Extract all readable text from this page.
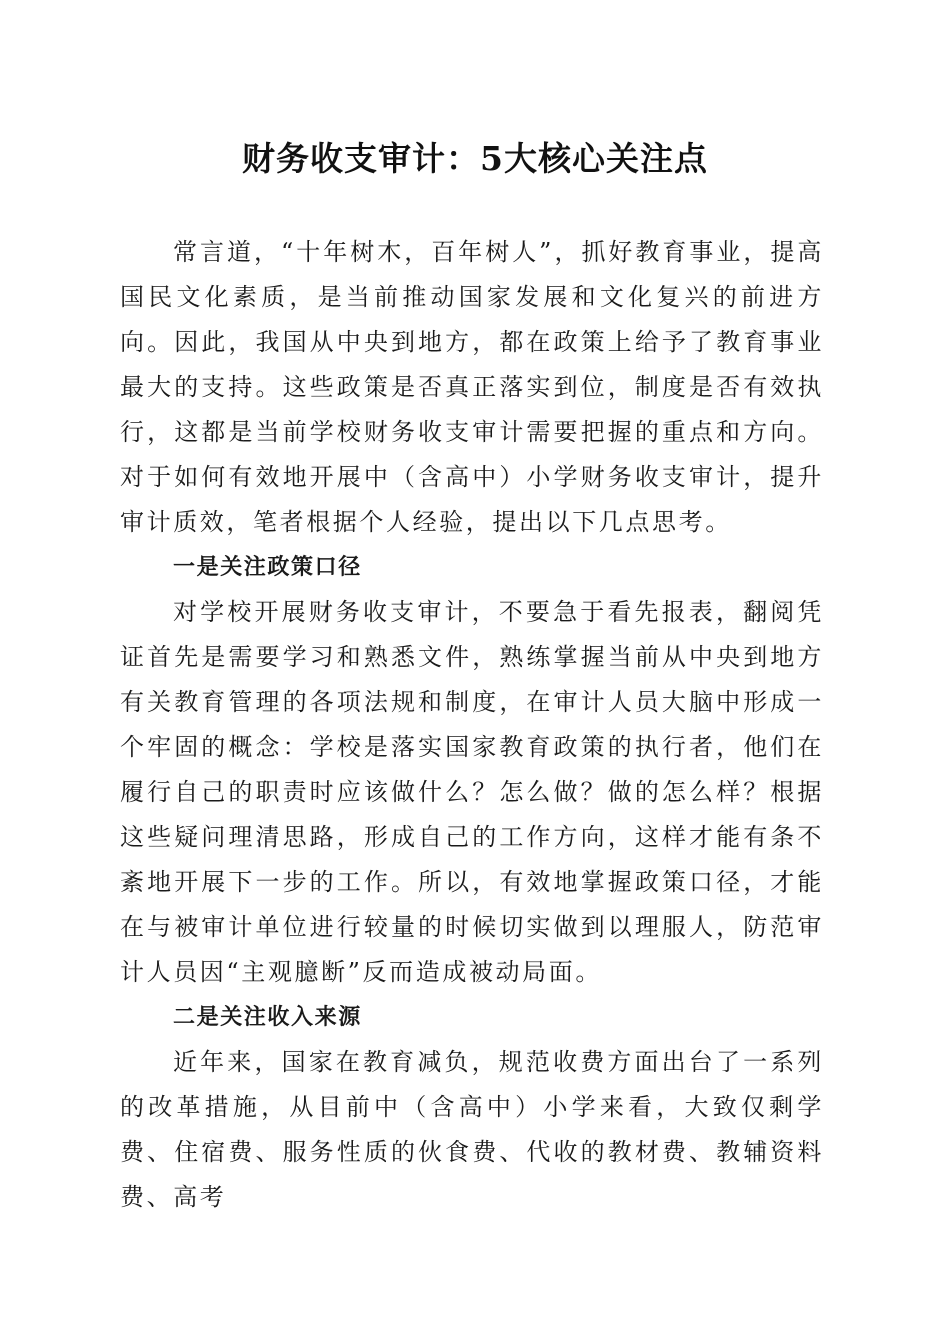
财务收支审计：5大核心关注点

常言道，“十年树木，百年树人”，抓好教育事业，提高国民文化素质，是当前推动国家发展和文化复兴的前进方向。因此，我国从中央到地方，都在政策上给予了教育事业最大的支持。这些政策是否真正落实到位，制度是否有效执行，这都是当前学校财务收支审计需要把握的重点和方向。对于如何有效地开展中（含高中）小学财务收支审计，提升审计质效，笔者根据个人经验，提出以下几点思考。

一是关注政策口径

对学校开展财务收支审计，不要急于看先报表，翻阅凭证首先是需要学习和熟悉文件，熟练掌握当前从中央到地方有关教育管理的各项法规和制度，在审计人员大脑中形成一个牢固的概念：学校是落实国家教育政策的执行者，他们在履行自己的职责时应该做什么？怎么做？做的怎么样？根据这些疑问理清思路，形成自己的工作方向，这样才能有条不紊地开展下一步的工作。所以，有效地掌握政策口径，才能在与被审计单位进行较量的时候切实做到以理服人，防范审计人员因“主观臆断”反而造成被动局面。

二是关注收入来源

近年来，国家在教育减负，规范收费方面出台了一系列的改革措施，从目前中（含高中）小学来看，大致仅剩学费、住宿费、服务性质的伙食费、代收的教材费、教辅资料费、高考
